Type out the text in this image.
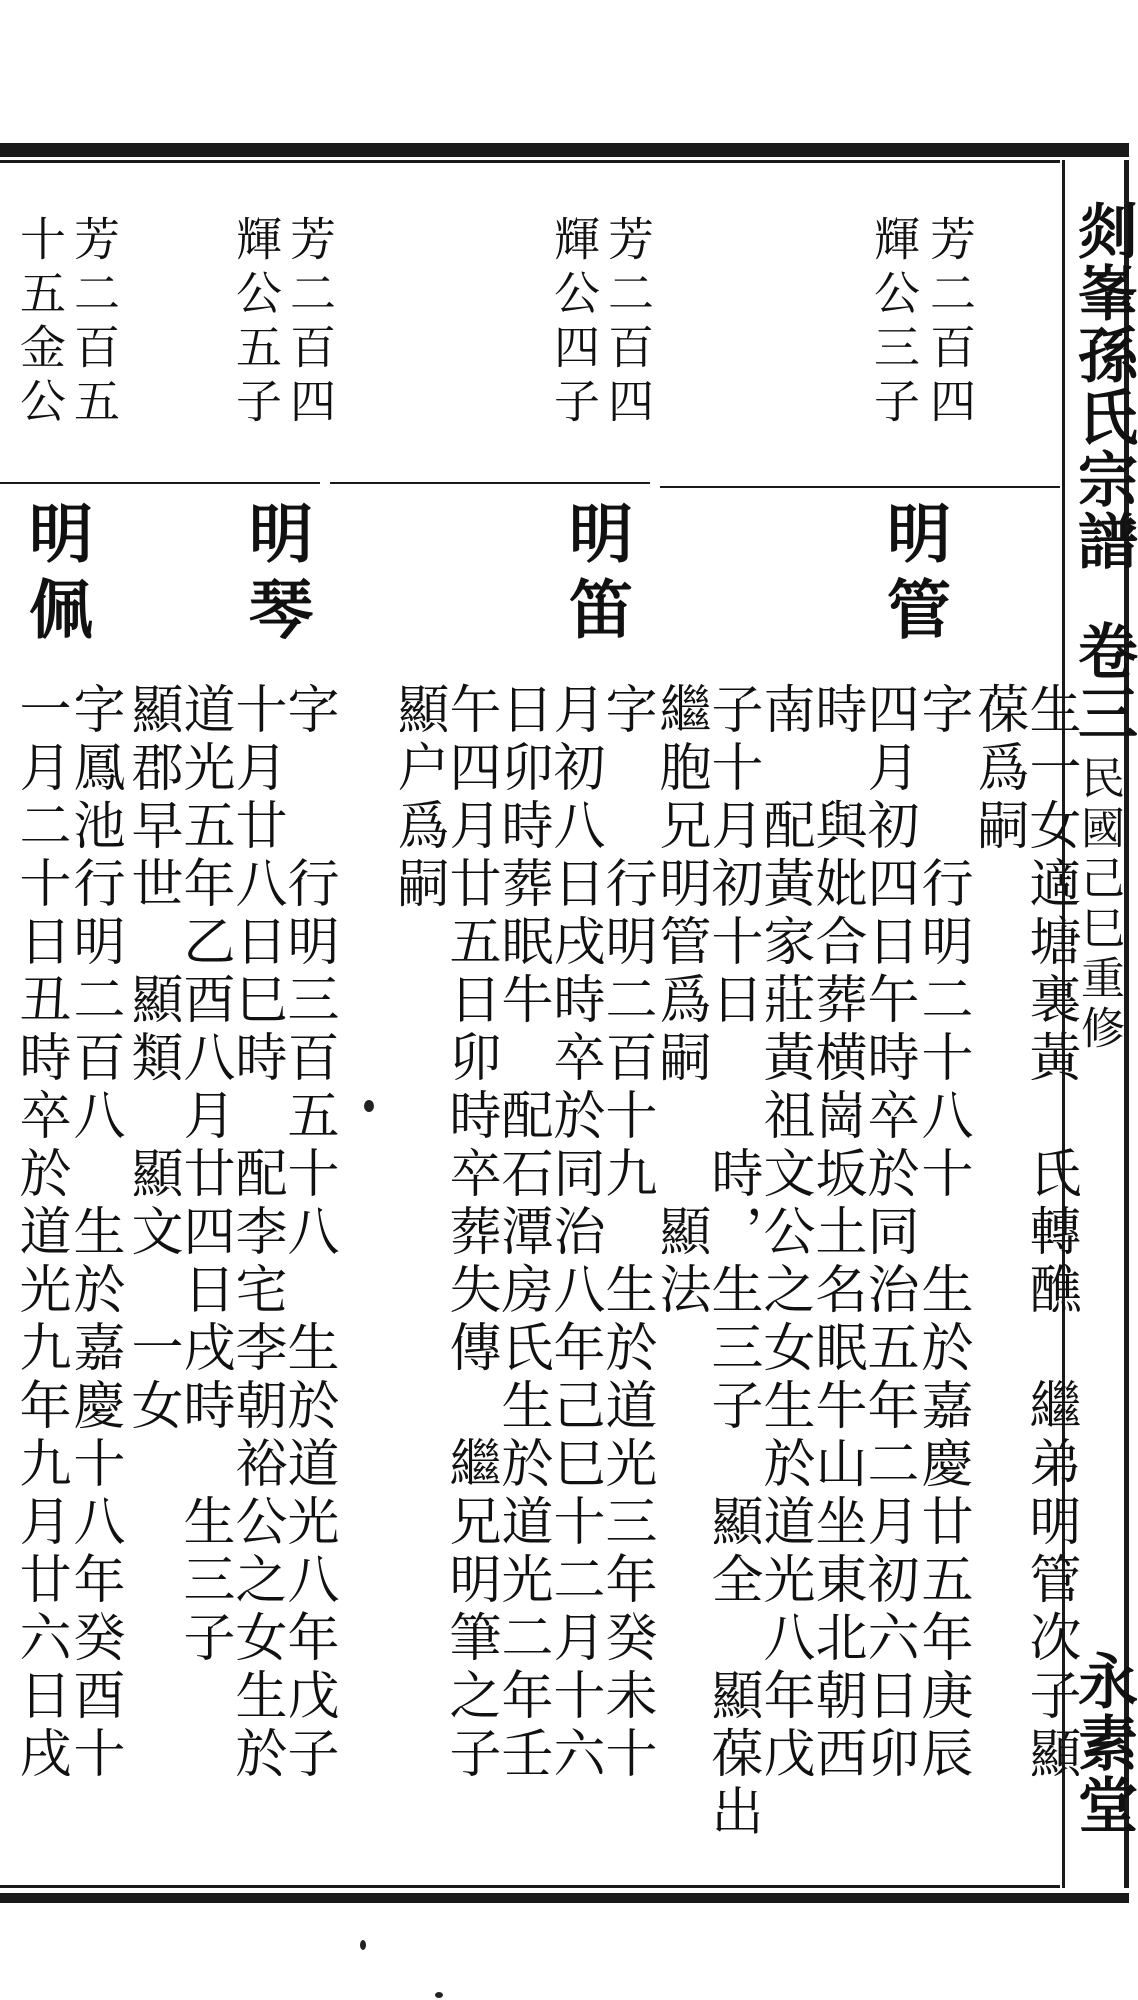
剡峯孫氏宗譜
卷三
民國己巳重修
永素堂
芳二百四
輝公三子
明管
生一女適塘裏黃　氏轉醮　繼弟明管次子顯
葆爲嗣
字　　行明二十八十　生於嘉慶廿五年庚辰
四月初四日午時卒於同治五年二月初六日卯
時　與妣合葬横崗坂土名眠牛山坐東北朝西
南　配黃家莊黃祖文公之女生於道光八年戊
子十月初十日　　時，生三子　顯全　顯葆出
繼胞兄明管爲嗣　　顯法
芳二百四
輝公四子
明笛
字　　行明二百十九　生於道光三年癸未十
月初八日戌時卒於同治八年己巳十二月十六
日卯時葬眠牛　配石潭房氏生於道光二年壬
午四月廿五日卯時卒葬失傳　繼兄明筆之子
顯户爲嗣
芳二百四
輝公五子
明琴
字　　行明三百五十八　生於道光八年戊子
十月廿八日巳時　配李宅李朝裕公之女生於
道光五年乙酉八月廿四日戌時　生三子
顯郡早世　顯類　顯文　一女
芳二百五
十五金公
明佩
字鳳池行明二百八　生於嘉慶十八年癸酉十
一月二十日丑時卒於道光九年九月廿六日戌
